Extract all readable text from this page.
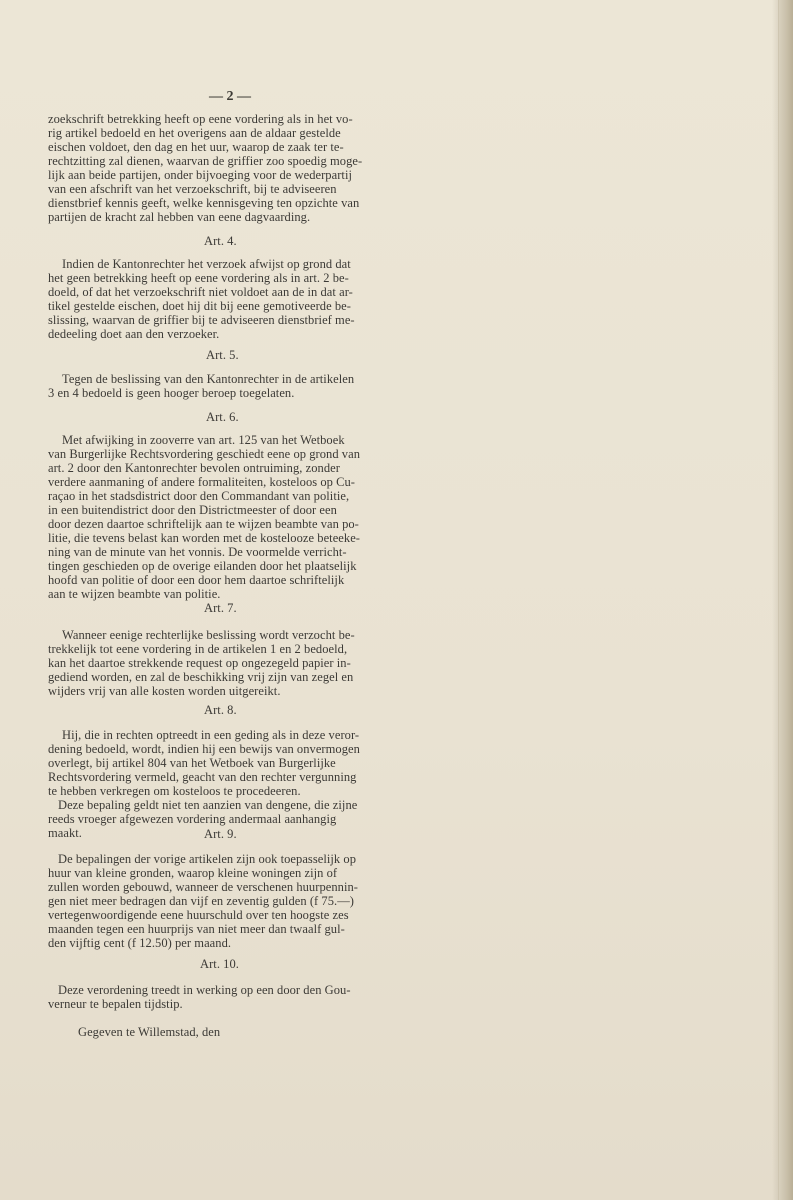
— 2 —
zoekschrift betrekking heeft op eene vordering als in het vo-
rig artikel bedoeld en het overigens aan de aldaar gestelde
eischen voldoet, den dag en het uur, waarop de zaak ter te-
rechtzitting zal dienen, waarvan de griffier zoo spoedig moge-
lijk aan beide partijen, onder bijvoeging voor de wederpartij
van een afschrift van het verzoekschrift, bij te adviseeren
dienstbrief kennis geeft, welke kennisgeving ten opzichte van
partijen de kracht zal hebben van eene dagvaarding.
Art. 4.
Indien de Kantonrechter het verzoek afwijst op grond dat
het geen betrekking heeft op eene vordering als in art. 2 be-
doeld, of dat het verzoekschrift niet voldoet aan de in dat ar-
tikel gestelde eischen, doet hij dit bij eene gemotiveerde be-
slissing, waarvan de griffier bij te adviseeren dienstbrief me-
dedeeling doet aan den verzoeker.
Art. 5.
Tegen de beslissing van den Kantonrechter in de artikelen
3 en 4 bedoeld is geen hooger beroep toegelaten.
Art. 6.
Met afwijking in zooverre van art. 125 van het Wetboek
van Burgerlijke Rechtsvordering geschiedt eene op grond van
art. 2 door den Kantonrechter bevolen ontruiming, zonder
verdere aanmaning of andere formaliteiten, kosteloos op Cu-
raçao in het stadsdistrict door den Commandant van politie,
in een buitendistrict door den Districtmeester of door een
door dezen daartoe schriftelijk aan te wijzen beambte van po-
litie, die tevens belast kan worden met de kostelooze beteeke-
ning van de minute van het vonnis. De voormelde verricht-
tingen geschieden op de overige eilanden door het plaatselijk
hoofd van politie of door een door hem daartoe schriftelijk
aan te wijzen beambte van politie.
Art. 7.
Wanneer eenige rechterlijke beslissing wordt verzocht be-
trekkelijk tot eene vordering in de artikelen 1 en 2 bedoeld,
kan het daartoe strekkende request op ongezegeld papier in-
gediend worden, en zal de beschikking vrij zijn van zegel en
wijders vrij van alle kosten worden uitgereikt.
Art. 8.
Hij, die in rechten optreedt in een geding als in deze veror-
dening bedoeld, wordt, indien hij een bewijs van onvermogen
overlegt, bij artikel 804 van het Wetboek van Burgerlijke
Rechtsvordering vermeld, geacht van den rechter vergunning
te hebben verkregen om kosteloos te procedeeren.
Deze bepaling geldt niet ten aanzien van dengene, die zijne
reeds vroeger afgewezen vordering andermaal aanhangig
maakt.	Art. 9.
De bepalingen der vorige artikelen zijn ook toepasselijk op
huur van kleine gronden, waarop kleine woningen zijn of
zullen worden gebouwd, wanneer de verschenen huurpennin-
gen niet meer bedragen dan vijf en zeventig gulden (f 75.—)
vertegenwoordigende eene huurschuld over ten hoogste zes
maanden tegen een huurprijs van niet meer dan twaalf gul-
den vijftig cent (f 12.50) per maand.
Art. 10.
Deze verordening treedt in werking op een door den Gou-
verneur te bepalen tijdstip.
Gegeven te Willemstad, den
